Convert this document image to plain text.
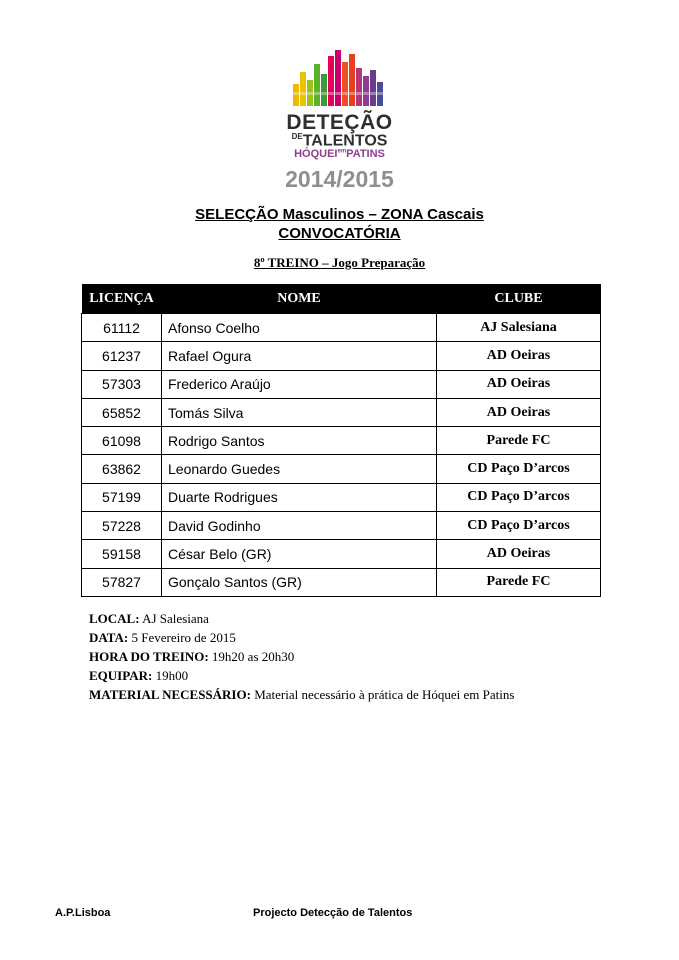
DETEÇÃO
$^{DE}$TALENTOS
$HÓQUEI^{em}PATINS$
2014/2015
SELECÇÃO Masculinos – ZONA Cascais
CONVOCATÓRIA
8º TREINO – Jogo Preparação
LICENÇA	NOME	CLUBE
61112	Afonso Coelho	AJ Salesiana
61237	Rafael Ogura	AD Oeiras
57303	Frederico Araújo	AD Oeiras
65852	Tomás Silva	AD Oeiras
61098	Rodrigo Santos	Parede FC
63862	Leonardo Guedes	CD Paço D’arcos
57199	Duarte Rodrigues	CD Paço D’arcos
57228	David Godinho	CD Paço D’arcos
59158	César Belo (GR)	AD Oeiras
57827	Gonçalo Santos (GR)	Parede FC
LOCAL: AJ Salesiana
DATA: 5 Fevereiro de 2015
HORA DO TREINO: 19h20 as 20h30
EQUIPAR: 19h00
MATERIAL NECESSÁRIO: Material necessário à prática de Hóquei em Patins
A.P.Lisboa	Projecto Detecção de Talentos
